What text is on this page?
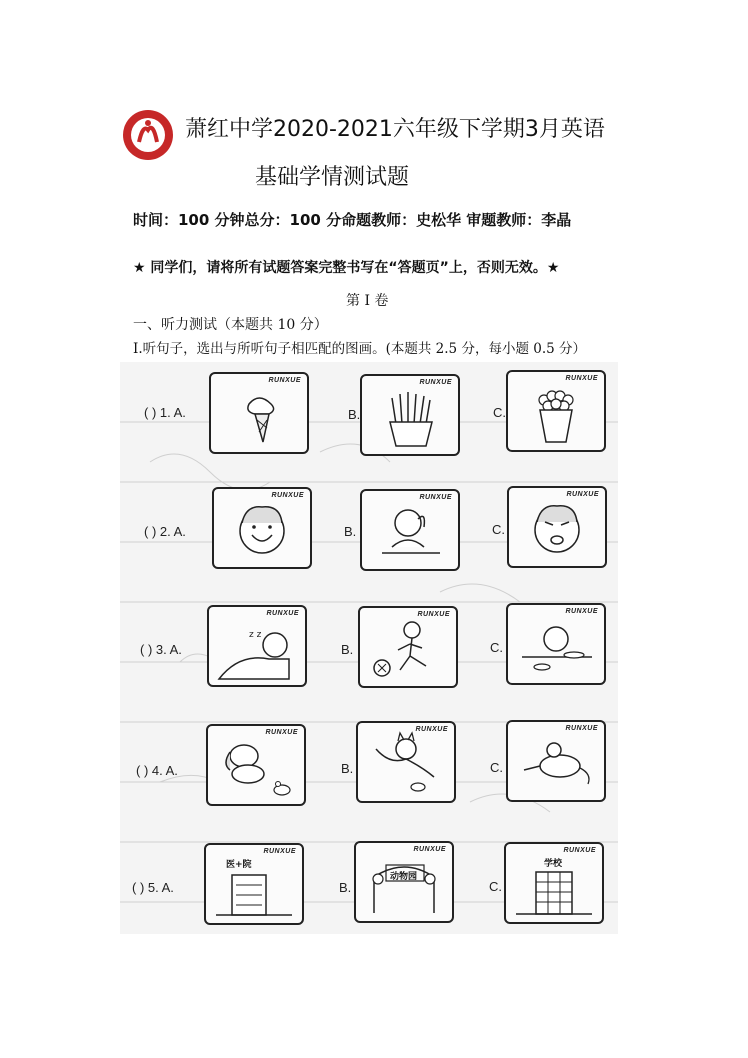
萧红中学2020-2021六年级下学期3月英语
基础学情测试题
时间：100 分钟总分：100 分命题教师：史松华 审题教师：李晶
★ 同学们，请将所有试题答案完整书写在“答题页”上，否则无效。★
第 I 卷
一、听力测试（本题共 10 分）
I.听句子，选出与所听句子相匹配的图画。(本题共 2.5 分，每小题 0.5 分）
( ) 1. A.
RUNXUE
B.
RUNXUE
C.
RUNXUE
( ) 2. A.
RUNXUE
B.
RUNXUE
C.
RUNXUE
( ) 3. A.
RUNXUE
z z
B.
RUNXUE
C.
RUNXUE
( ) 4. A.
RUNXUE
B.
RUNXUE
C.
RUNXUE
( ) 5. A.
RUNXUE
医+院
B.
RUNXUE
动物园
C.
RUNXUE
学校
